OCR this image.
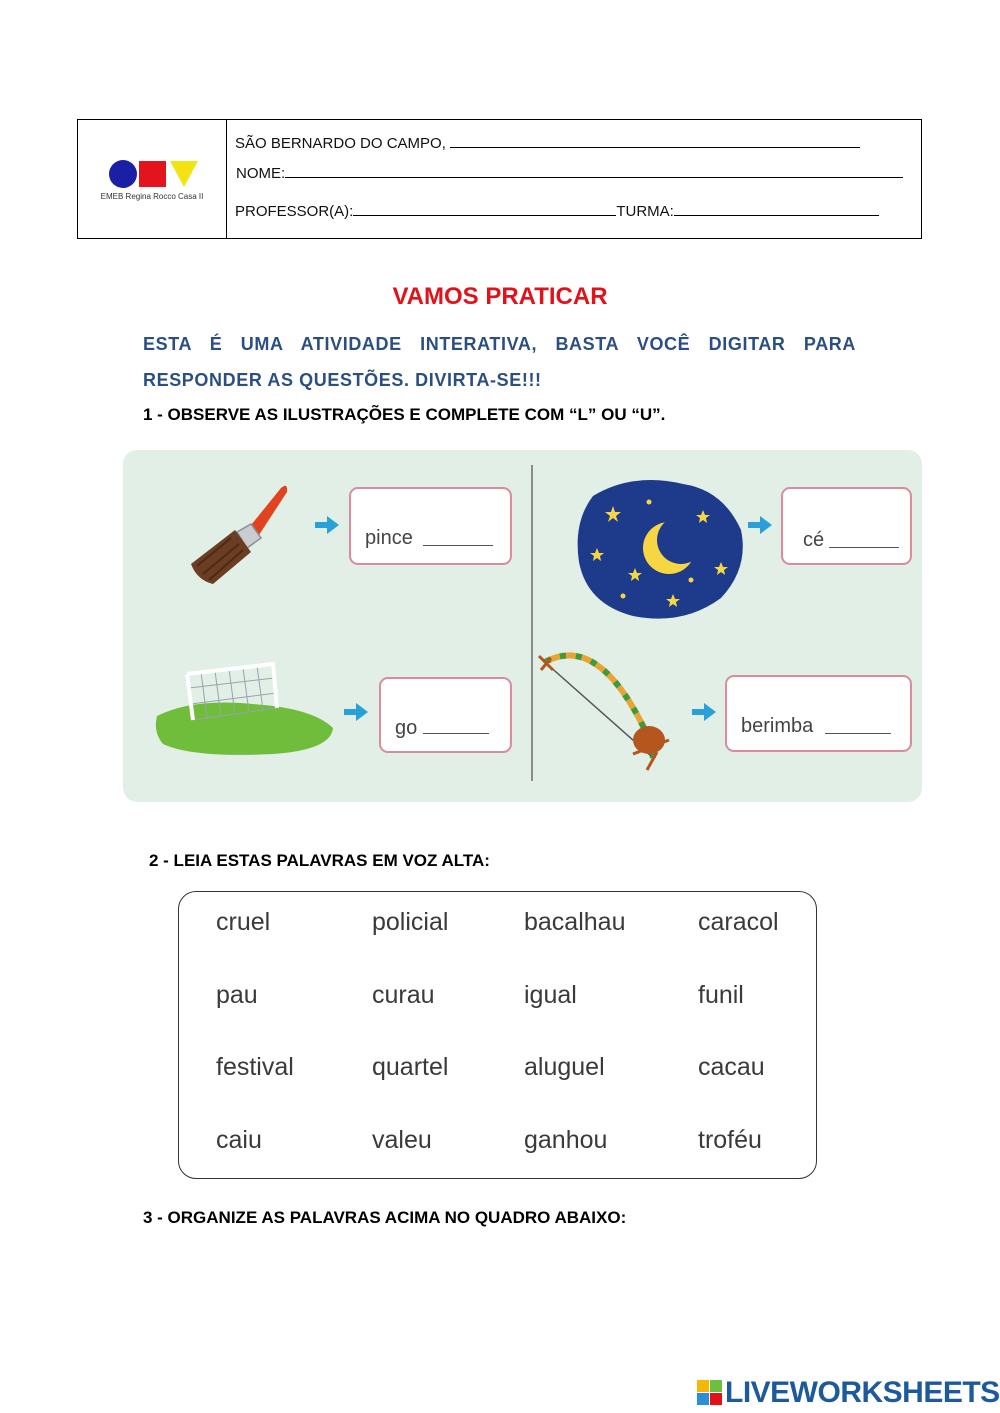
EMEB Regina Rocco Casa II
SÃO BERNARDO DO CAMPO,
NOME:
PROFESSOR(A):	TURMA:
VAMOS PRATICAR
ESTA É UMA ATIVIDADE INTERATIVA, BASTA VOCÊ DIGITAR PARA
RESPONDER AS QUESTÕES. DIVIRTA-SE!!!
1 - OBSERVE AS ILUSTRAÇÕES E COMPLETE COM “L” OU “U”.
pince	cé
go	berimba
2 - LEIA ESTAS PALAVRAS EM VOZ ALTA:
cruel	policial	bacalhau	caracol
pau	curau	igual	funil
festival	quartel	aluguel	cacau
caiu	valeu	ganhou	troféu
3 - ORGANIZE AS PALAVRAS ACIMA NO QUADRO ABAIXO:
LIVEWORKSHEETS
